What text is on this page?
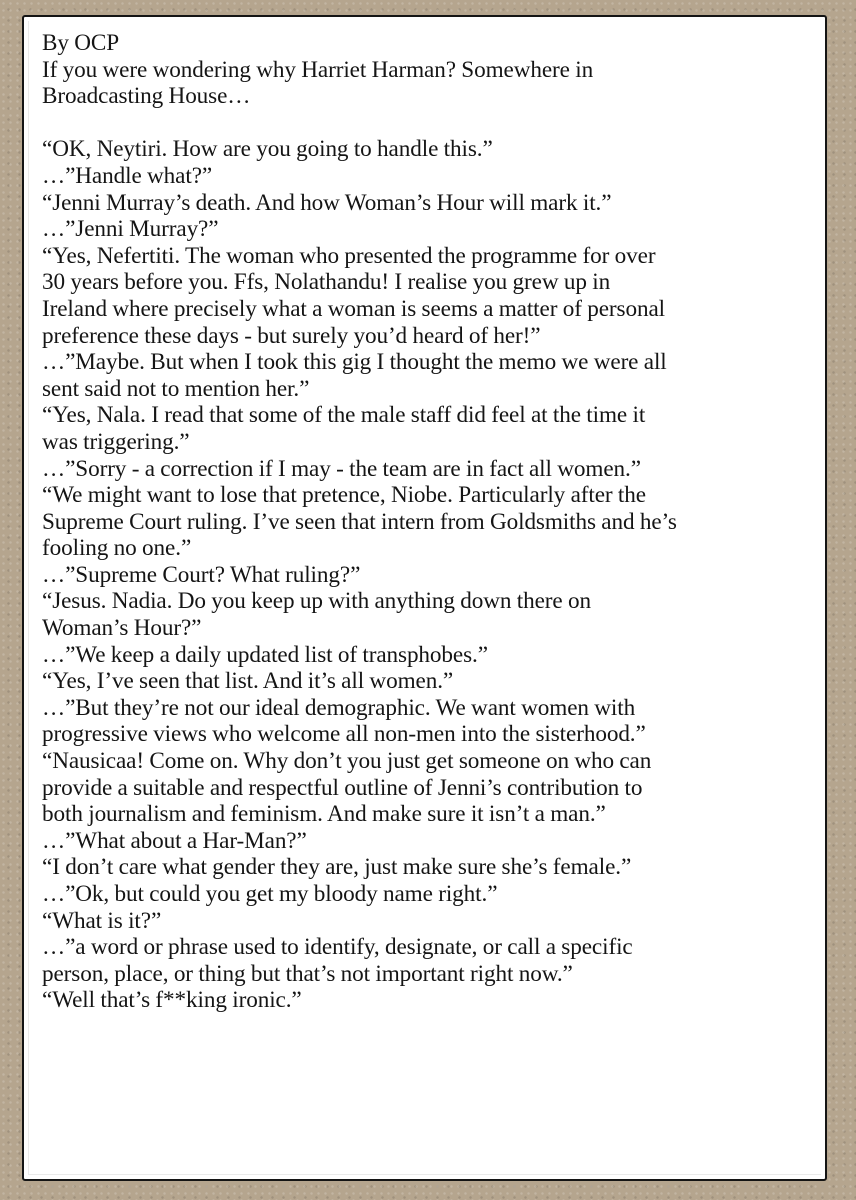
By OCP
If you were wondering why Harriet Harman? Somewhere in
Broadcasting House…
“OK, Neytiri. How are you going to handle this.”
…”Handle what?”
“Jenni Murray’s death. And how Woman’s Hour will mark it.”
…”Jenni Murray?”
“Yes, Nefertiti. The woman who presented the programme for over
30 years before you. Ffs, Nolathandu! I realise you grew up in
Ireland where precisely what a woman is seems a matter of personal
preference these days - but surely you’d heard of her!”
…”Maybe. But when I took this gig I thought the memo we were all
sent said not to mention her.”
“Yes, Nala. I read that some of the male staff did feel at the time it
was triggering.”
…”Sorry - a correction if I may - the team are in fact all women.”
“We might want to lose that pretence, Niobe. Particularly after the
Supreme Court ruling. I’ve seen that intern from Goldsmiths and he’s
fooling no one.”
…”Supreme Court? What ruling?”
“Jesus. Nadia. Do you keep up with anything down there on
Woman’s Hour?”
…”We keep a daily updated list of transphobes.”
“Yes, I’ve seen that list. And it’s all women.”
…”But they’re not our ideal demographic. We want women with
progressive views who welcome all non-men into the sisterhood.”
“Nausicaa! Come on. Why don’t you just get someone on who can
provide a suitable and respectful outline of Jenni’s contribution to
both journalism and feminism. And make sure it isn’t a man.”
…”What about a Har-Man?”
“I don’t care what gender they are, just make sure she’s female.”
…”Ok, but could you get my bloody name right.”
“What is it?”
…”a word or phrase used to identify, designate, or call a specific
person, place, or thing but that’s not important right now.”
“Well that’s f**king ironic.”
